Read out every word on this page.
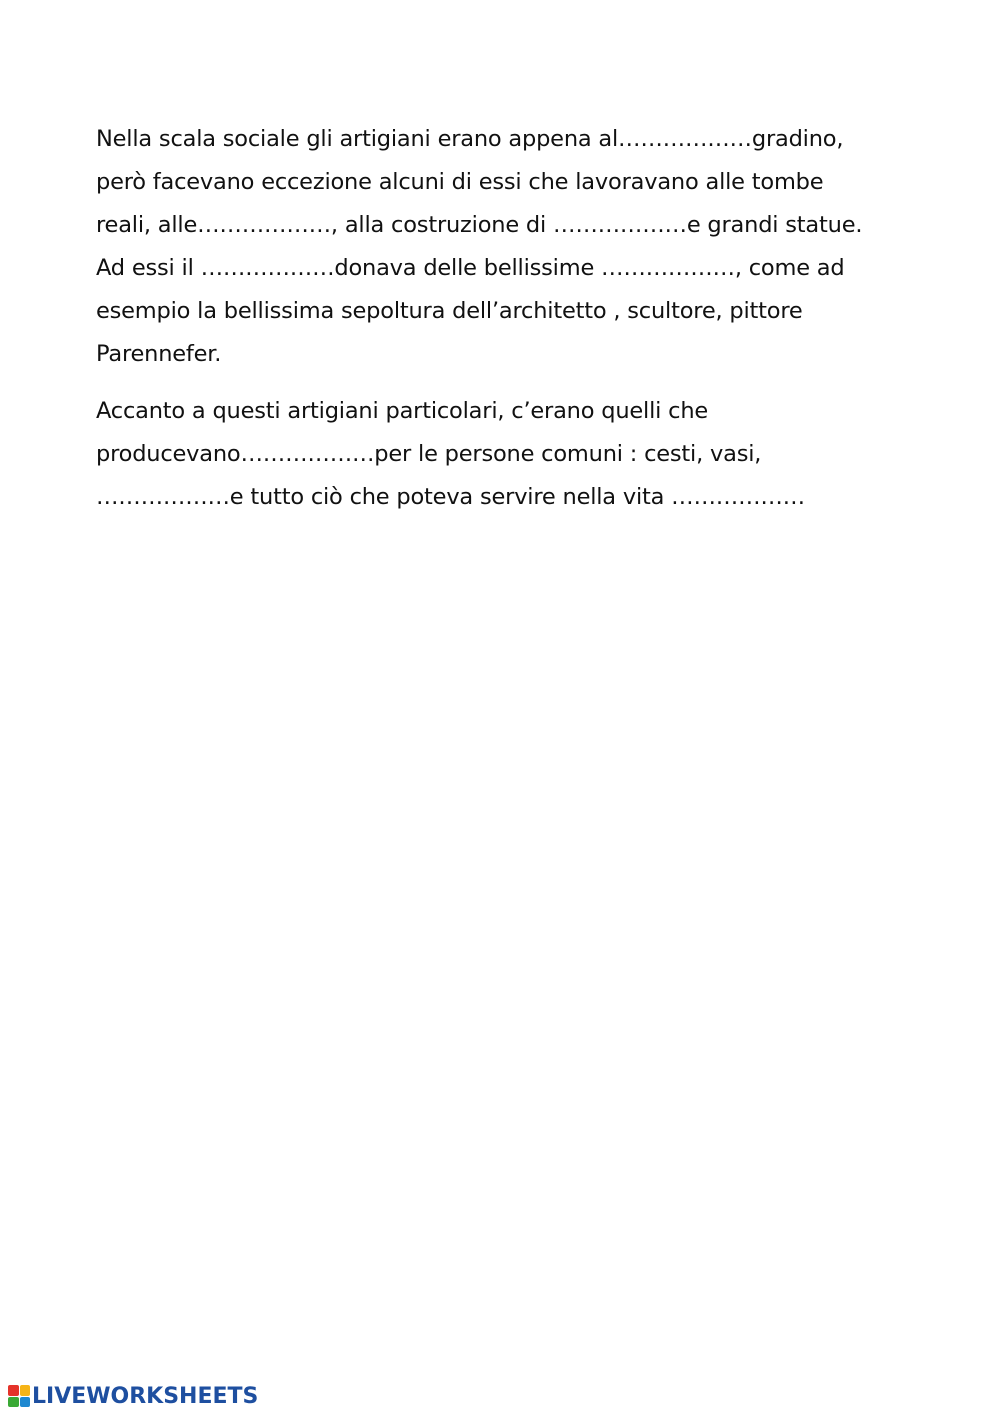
Nella scala sociale gli artigiani erano appena al………………gradino,
però facevano eccezione alcuni di essi che lavoravano alle tombe
reali, alle………………, alla costruzione di ………………e grandi statue.
Ad essi il ………………donava delle bellissime ………………, come ad
esempio la bellissima sepoltura dell’architetto , scultore, pittore
Parennefer.

Accanto a questi artigiani particolari, c’erano quelli che
producevano………………per le persone comuni : cesti, vasi,
………………e tutto ciò che poteva servire nella vita ………………

LIVEWORKSHEETS
